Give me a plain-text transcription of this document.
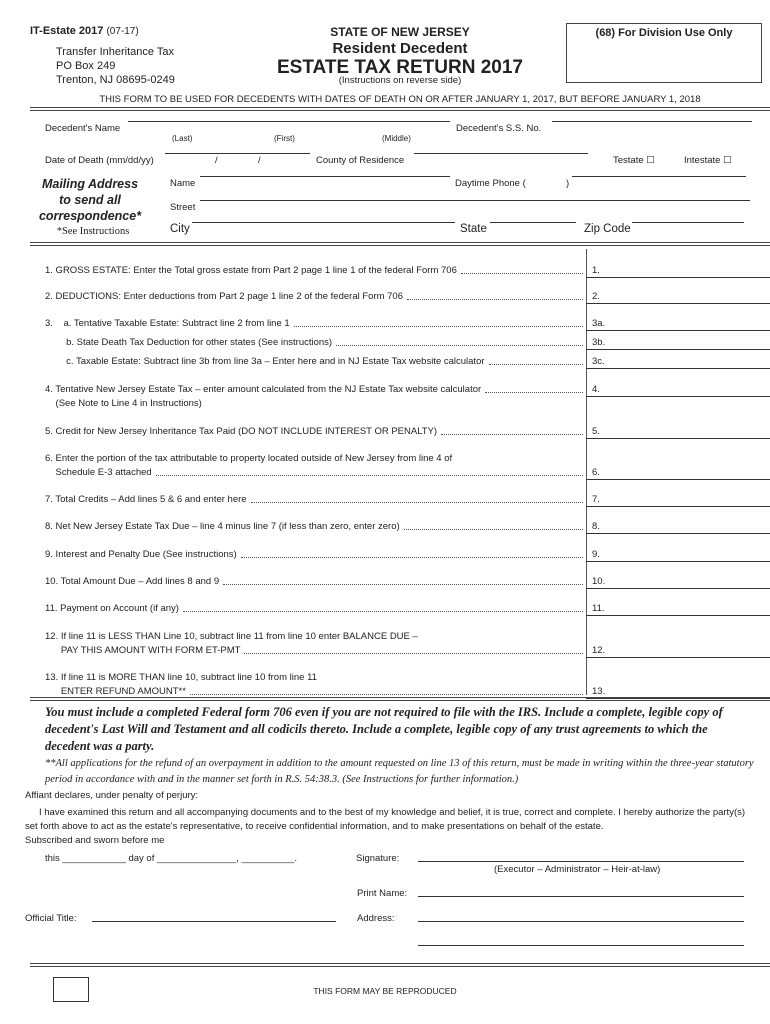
IT-Estate 2017 (07-17)
Transfer Inheritance Tax
PO Box 249
Trenton, NJ 08695-0249
STATE OF NEW JERSEY
Resident Decedent
ESTATE TAX RETURN 2017
(Instructions on reverse side)
(68) For Division Use Only
THIS FORM TO BE USED FOR DECEDENTS WITH DATES OF DEATH ON OR AFTER JANUARY 1, 2017, BUT BEFORE JANUARY 1, 2018
Decedent's Name
(Last)	(First)	(Middle)
Decedent's S.S. No.
Date of Death (mm/dd/yy)	/	/	County of Residence	Testate ☐	Intestate ☐
Mailing Address
to send all
correspondence*
*See Instructions
Name	Daytime Phone (	)
Street
City	State	Zip Code
1. GROSS ESTATE: Enter the Total gross estate from Part 2 page 1 line 1 of the federal Form 706	1.
2. DEDUCTIONS: Enter deductions from Part 2 page 1 line 2 of the federal Form 706	2.
3.    a. Tentative Taxable Estate: Subtract line 2 from line 1	3a.
b. State Death Tax Deduction for other states (See instructions)	3b.
c. Taxable Estate: Subtract line 3b from line 3a – Enter here and in NJ Estate Tax website calculator	3c.
4. Tentative New Jersey Estate Tax – enter amount calculated from the NJ Estate Tax website calculator
(See Note to Line 4 in Instructions)
4.
5. Credit for New Jersey Inheritance Tax Paid (DO NOT INCLUDE INTEREST OR PENALTY)	5.
6. Enter the portion of the tax attributable to property located outside of New Jersey from line 4 of
Schedule E-3 attached	6.
7. Total Credits – Add lines 5 & 6 and enter here	7.
8. Net New Jersey Estate Tax Due – line 4 minus line 7 (if less than zero, enter zero)	8.
9. Interest and Penalty Due (See instructions)	9.
10. Total Amount Due – Add lines 8 and 9	10.
11. Payment on Account (if any)	11.
12. If line 11 is LESS THAN Line 10, subtract line 11 from line 10 enter BALANCE DUE –
PAY THIS AMOUNT WITH FORM ET-PMT	12.
13. If line 11 is MORE THAN line 10, subtract line 10 from line 11
ENTER REFUND AMOUNT**	13.
You must include a completed Federal form 706 even if you are not required to file with the IRS. Include a complete, legible copy of decedent's Last Will and Testament and all codicils thereto. Include a complete, legible copy of any trust agreements to which the decedent was a party.
**All applications for the refund of an overpayment in addition to the amount requested on line 13 of this return, must be made in writing within the three-year statutory period in accordance with and in the manner set forth in R.S. 54:38.3. (See Instructions for further information.)
Affiant declares, under penalty of perjury:
I have examined this return and all accompanying documents and to the best of my knowledge and belief, it is true, correct and complete. I hereby authorize the party(s) set forth above to act as the estate's representative, to receive confidential information, and to make presentations on behalf of the estate.
Subscribed and sworn before me
this ____________ day of _______________, __________.	Signature:
(Executor – Administrator – Heir-at-law)
Print Name:
Official Title:	Address:
THIS FORM MAY BE REPRODUCED
